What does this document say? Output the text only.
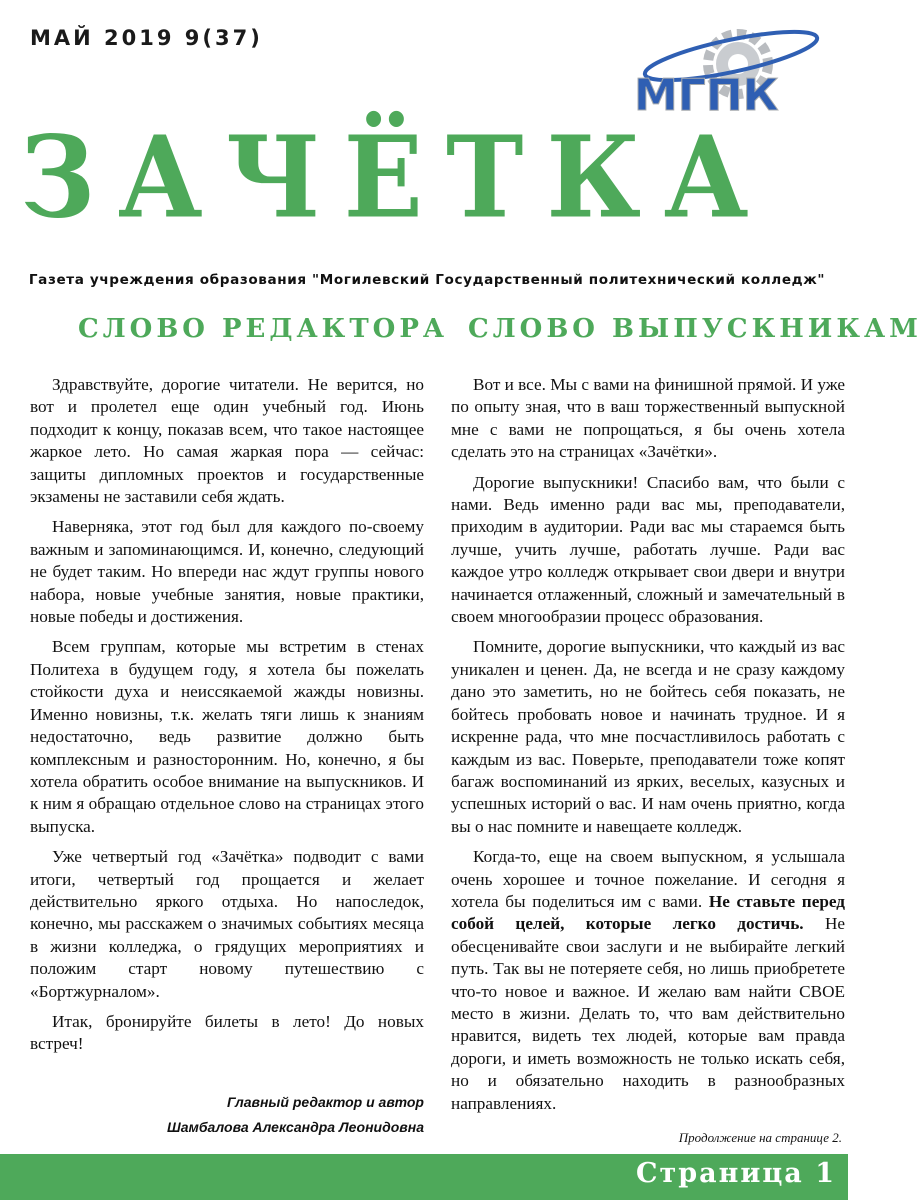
МАЙ 2019 9(37)
МГПК
ЗАЧЁТКА
Газета учреждения образования "Могилевский Государственный политехнический колледж"
СЛОВО РЕДАКТОРА СЛОВО ВЫПУСКНИКАМ

Здравствуйте, дорогие читатели. Не верится, но вот и пролетел еще один учебный год. Июнь подходит к концу, показав всем, что такое настоящее жаркое лето. Но самая жаркая пора — сейчас: защиты дипломных проектов и государственные экзамены не заставили себя ждать.

Наверняка, этот год был для каждого по-своему важным и запоминающимся. И, конечно, следующий не будет таким. Но впереди нас ждут группы нового набора, новые учебные занятия, новые практики, новые победы и достижения.

Всем группам, которые мы встретим в стенах Политеха в будущем году, я хотела бы пожелать стойкости духа и неиссякаемой жажды новизны. Именно новизны, т.к. желать тяги лишь к знаниям недостаточно, ведь развитие должно быть комплексным и разносторонним. Но, конечно, я бы хотела обратить особое внимание на выпускников. И к ним я обращаю отдельное слово на страницах этого выпуска.

Уже четвертый год «Зачётка» подводит с вами итоги, четвертый год прощается и желает действительно яркого отдыха. Но напоследок, конечно, мы расскажем о значимых событиях месяца в жизни колледжа, о грядущих мероприятиях и положим старт новому путешествию с «Бортжурналом».

Итак, бронируйте билеты в лето! До новых встреч!

Главный редактор и автор
Шамбалова Александра Леонидовна

Вот и все. Мы с вами на финишной прямой. И уже по опыту зная, что в ваш торжественный выпускной мне с вами не попрощаться, я бы очень хотела сделать это на страницах «Зачётки».

Дорогие выпускники! Спасибо вам, что были с нами. Ведь именно ради вас мы, преподаватели, приходим в аудитории. Ради вас мы стараемся быть лучше, учить лучше, работать лучше. Ради вас каждое утро колледж открывает свои двери и внутри начинается отлаженный, сложный и замечательный в своем многообразии процесс образования.

Помните, дорогие выпускники, что каждый из вас уникален и ценен. Да, не всегда и не сразу каждому дано это заметить, но не бойтесь себя показать, не бойтесь пробовать новое и начинать трудное. И я искренне рада, что мне посчастливилось работать с каждым из вас. Поверьте, преподаватели тоже копят багаж воспоминаний из ярких, веселых, казусных и успешных историй о вас. И нам очень приятно, когда вы о нас помните и навещаете колледж.

Когда-то, еще на своем выпускном, я услышала очень хорошее и точное пожелание. И сегодня я хотела бы поделиться им с вами. Не ставьте перед собой целей, которые легко достичь. Не обесценивайте свои заслуги и не выбирайте легкий путь. Так вы не потеряете себя, но лишь приобретете что-то новое и важное. И желаю вам найти СВОЕ место в жизни. Делать то, что вам действительно нравится, видеть тех людей, которые вам правда дороги, и иметь возможность не только искать себя, но и обязательно находить в разнообразных направлениях.

Продолжение на странице 2.
Страница 1
